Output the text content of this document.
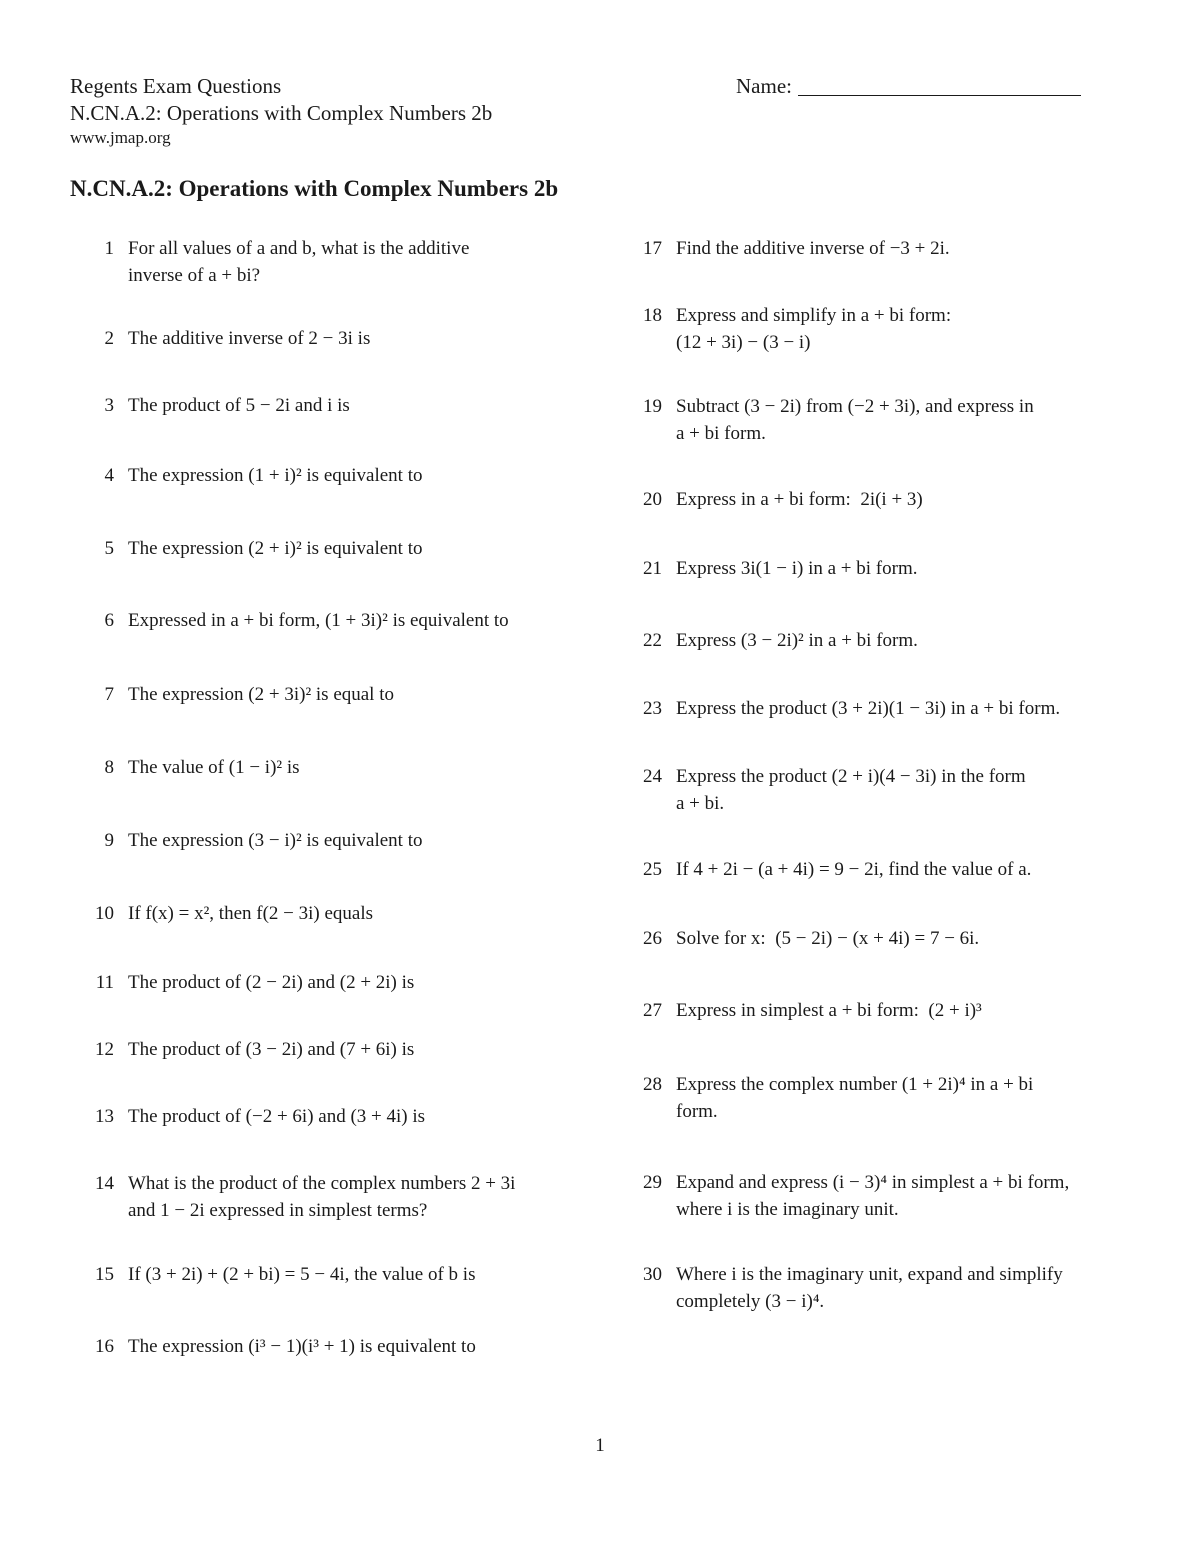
Regents Exam Questions
N.CN.A.2: Operations with Complex Numbers 2b
www.jmap.org
Name:
N.CN.A.2: Operations with Complex Numbers 2b
1 For all values of a and b, what is the additive
inverse of a + bi?
2 The additive inverse of 2 − 3i is
3 The product of 5 − 2i and i is
4 The expression (1 + i)² is equivalent to
5 The expression (2 + i)² is equivalent to
6 Expressed in a + bi form, (1 + 3i)² is equivalent to
7 The expression (2 + 3i)² is equal to
8 The value of (1 − i)² is
9 The expression (3 − i)² is equivalent to
10 If f(x) = x², then f(2 − 3i) equals
11 The product of (2 − 2i) and (2 + 2i) is
12 The product of (3 − 2i) and (7 + 6i) is
13 The product of (−2 + 6i) and (3 + 4i) is
14 What is the product of the complex numbers 2 + 3i
and 1 − 2i expressed in simplest terms?
15 If (3 + 2i) + (2 + bi) = 5 − 4i, the value of b is
16 The expression (i³ − 1)(i³ + 1) is equivalent to
17 Find the additive inverse of −3 + 2i.
18 Express and simplify in a + bi form:
(12 + 3i) − (3 − i)
19 Subtract (3 − 2i) from (−2 + 3i), and express in
a + bi form.
20 Express in a + bi form:  2i(i + 3)
21 Express 3i(1 − i) in a + bi form.
22 Express (3 − 2i)² in a + bi form.
23 Express the product (3 + 2i)(1 − 3i) in a + bi form.
24 Express the product (2 + i)(4 − 3i) in the form
a + bi.
25 If 4 + 2i − (a + 4i) = 9 − 2i, find the value of a.
26 Solve for x:  (5 − 2i) − (x + 4i) = 7 − 6i.
27 Express in simplest a + bi form:  (2 + i)³
28 Express the complex number (1 + 2i)⁴ in a + bi
form.
29 Expand and express (i − 3)⁴ in simplest a + bi form,
where i is the imaginary unit.
30 Where i is the imaginary unit, expand and simplify
completely (3 − i)⁴.
1
